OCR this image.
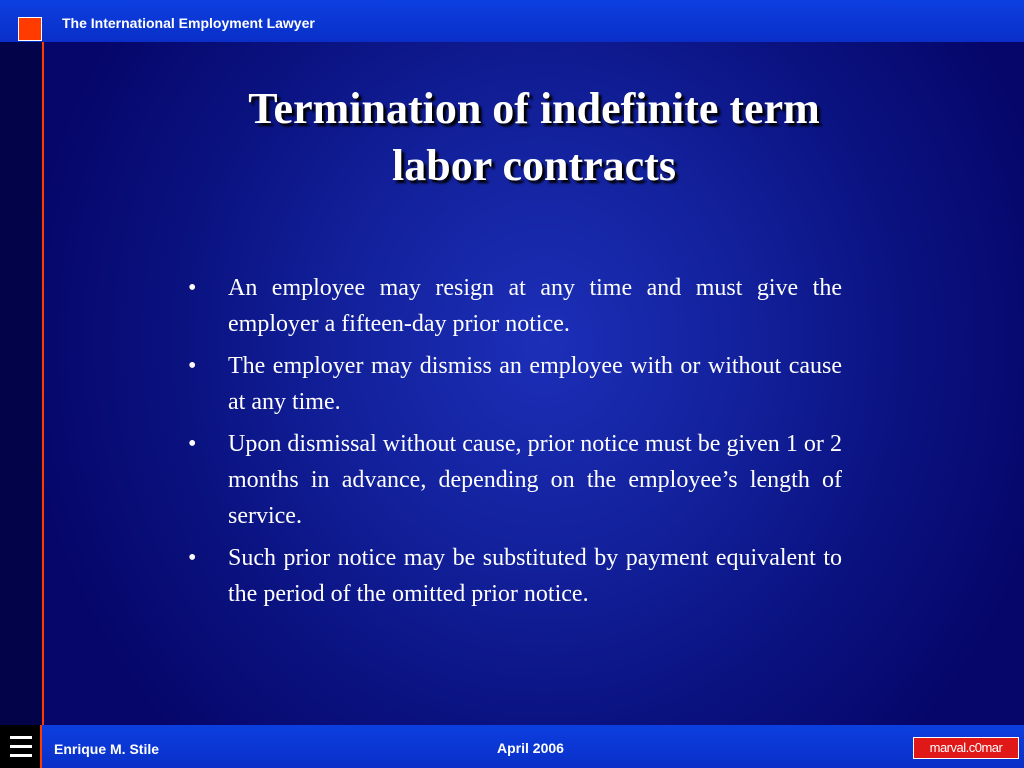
The International Employment Lawyer
Termination of indefinite term
labor contracts
• An employee may resign at any time and must give the employer a fifteen-day prior notice.
• The employer may dismiss an employee with or without cause at any time.
• Upon dismissal without cause, prior notice must be given 1 or 2 months in advance, depending on the employee’s length of service.
• Such prior notice may be substituted by payment equivalent to the period of the omitted prior notice.
Enrique M. Stile	April 2006	marval.c0mar
